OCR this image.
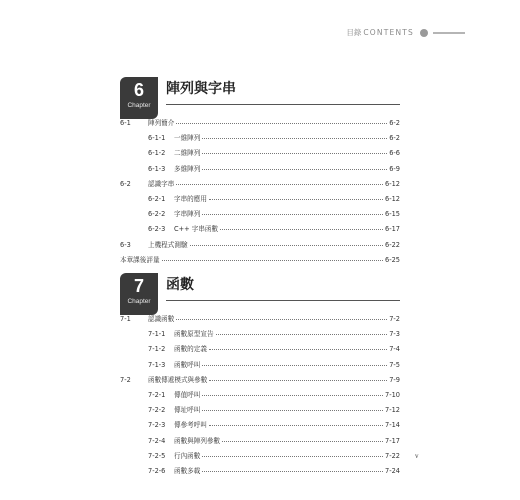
目錄 CONTENTS
6
Chapter
陣列與字串
6-1	陣列簡介	6-2
6-1-1	一維陣列	6-2
6-1-2	二維陣列	6-6
6-1-3	多維陣列	6-9
6-2	認識字串	6-12
6-2-1	字串的應用	6-12
6-2-2	字串陣列	6-15
6-2-3	C++ 字串函數	6-17
6-3	上機程式測驗	6-22
本章課後評量	6-25
7
Chapter
函數
7-1	認識函數	7-2
7-1-1	函數原型宣告	7-3
7-1-2	函數的定義	7-4
7-1-3	函數呼叫	7-5
7-2	函數傳遞模式與參數	7-9
7-2-1	傳值呼叫	7-10
7-2-2	傳址呼叫	7-12
7-2-3	傳參考呼叫	7-14
7-2-4	函數與陣列參數	7-17
7-2-5	行內函數	7-22
7-2-6	函數多載	7-24
v
